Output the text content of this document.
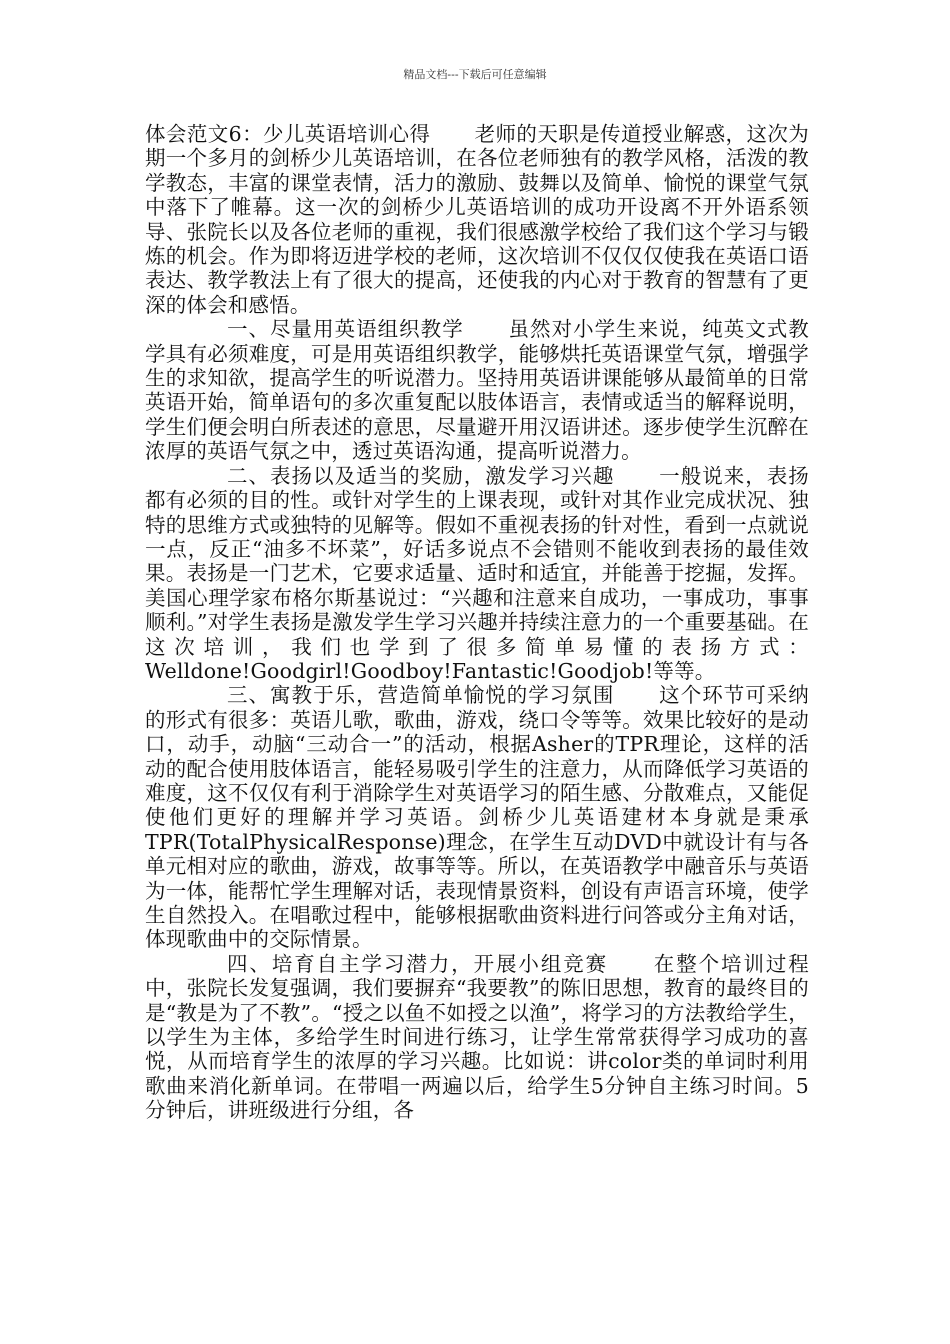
精品文档---下载后可任意编辑

体会范文6：少儿英语培训心得 老师的天职是传道授业解惑，这次为期一个多月的剑桥少儿英语培训，在各位老师独有的教学风格，活泼的教学教态，丰富的课堂表情，活力的激励、鼓舞以及简单、愉悦的课堂气氛中落下了帷幕。这一次的剑桥少儿英语培训的成功开设离不开外语系领导、张院长以及各位老师的重视，我们很感激学校给了我们这个学习与锻炼的机会。作为即将迈进学校的老师，这次培训不仅仅仅使我在英语口语表达、教学教法上有了很大的提高，还使我的内心对于教育的智慧有了更深的体会和感悟。

一、尽量用英语组织教学 虽然对小学生来说，纯英文式教学具有必须难度，可是用英语组织教学，能够烘托英语课堂气氛，增强学生的求知欲，提高学生的听说潜力。坚持用英语讲课能够从最简单的日常英语开始，简单语句的多次重复配以肢体语言，表情或适当的解释说明，学生们便会明白所表述的意思，尽量避开用汉语讲述。逐步使学生沉醉在浓厚的英语气氛之中，透过英语沟通，提高听说潜力。

二、表扬以及适当的奖励，激发学习兴趣 一般说来，表扬都有必须的目的性。或针对学生的上课表现，或针对其作业完成状况、独特的思维方式或独特的见解等。假如不重视表扬的针对性，看到一点就说一点，反正“油多不坏菜”，好话多说点不会错则不能收到表扬的最佳效果。表扬是一门艺术，它要求适量、适时和适宜，并能善于挖掘，发挥。美国心理学家布格尔斯基说过：“兴趣和注意来自成功，一事成功，事事顺利。”对学生表扬是激发学生学习兴趣并持续注意力的一个重要基础。在这次培训，我们也学到了很多简单易懂的表扬方式：Welldone!Goodgirl!Goodboy!Fantastic!Goodjob!等等。

三、寓教于乐，营造简单愉悦的学习氛围 这个环节可采纳的形式有很多：英语儿歌，歌曲，游戏，绕口令等等。效果比较好的是动口，动手，动脑“三动合一”的活动，根据Asher的TPR理论，这样的活动的配合使用肢体语言，能轻易吸引学生的注意力，从而降低学习英语的难度，这不仅仅有利于消除学生对英语学习的陌生感、分散难点，又能促使他们更好的理解并学习英语。剑桥少儿英语建材本身就是秉承TPR(TotalPhysicalResponse)理念，在学生互动DVD中就设计有与各单元相对应的歌曲，游戏，故事等等。所以，在英语教学中融音乐与英语为一体，能帮忙学生理解对话，表现情景资料，创设有声语言环境，使学生自然投入。在唱歌过程中，能够根据歌曲资料进行问答或分主角对话，体现歌曲中的交际情景。

四、培育自主学习潜力，开展小组竞赛 在整个培训过程中，张院长发复强调，我们要摒弃“我要教”的陈旧思想，教育的最终目的是“教是为了不教”。“授之以鱼不如授之以渔”，将学习的方法教给学生，以学生为主体，多给学生时间进行练习，让学生常常获得学习成功的喜悦，从而培育学生的浓厚的学习兴趣。比如说：讲color类的单词时利用歌曲来消化新单词。在带唱一两遍以后，给学生5分钟自主练习时间。5分钟后，讲班级进行分组，各
